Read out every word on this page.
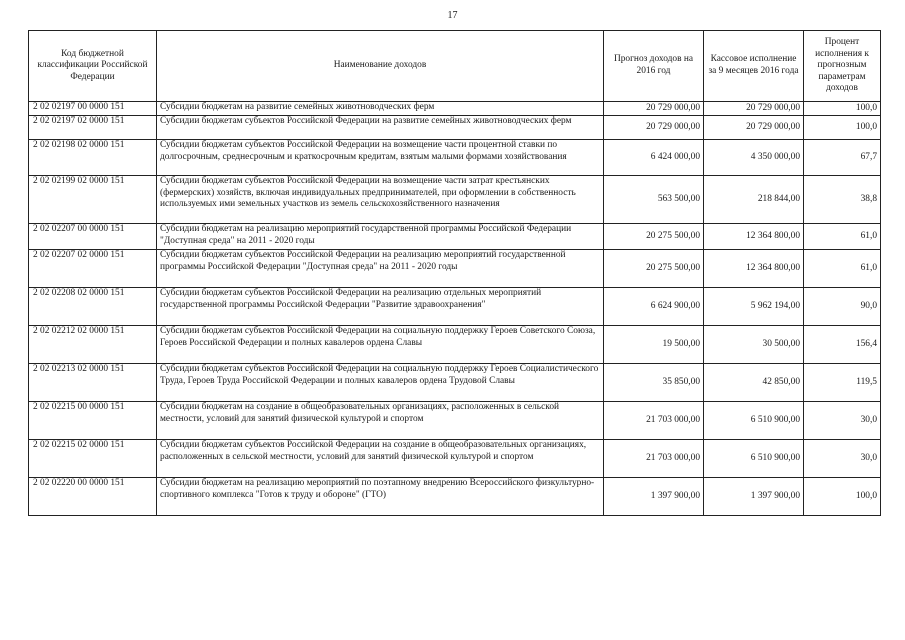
17
Код бюджетной классификации Российской Федерации	Наименование доходов	Прогноз доходов на 2016 год	Кассовое исполнение за 9 месяцев 2016 года	Процент исполнения к прогнозным параметрам доходов
2 02 02197 00 0000 151	Субсидии бюджетам на развитие семейных животноводческих ферм	20 729 000,00	20 729 000,00	100,0
2 02 02197 02 0000 151	Субсидии бюджетам субъектов Российской Федерации на развитие семейных животноводческих ферм	20 729 000,00	20 729 000,00	100,0
2 02 02198 02 0000 151	Субсидии бюджетам субъектов Российской Федерации на возмещение части процентной ставки по долгосрочным, среднесрочным и краткосрочным кредитам, взятым малыми формами хозяйствования	6 424 000,00	4 350 000,00	67,7
2 02 02199 02 0000 151	Субсидии бюджетам субъектов Российской Федерации на возмещение части затрат крестьянских (фермерских) хозяйств, включая индивидуальных предпринимателей, при оформлении в собственность используемых ими земельных участков из земель сельскохозяйственного назначения	563 500,00	218 844,00	38,8
2 02 02207 00 0000 151	Субсидии бюджетам на реализацию мероприятий государственной программы Российской Федерации "Доступная среда" на 2011 - 2020 годы	20 275 500,00	12 364 800,00	61,0
2 02 02207 02 0000 151	Субсидии бюджетам субъектов Российской Федерации на реализацию мероприятий государственной программы Российской Федерации "Доступная среда" на 2011 - 2020 годы	20 275 500,00	12 364 800,00	61,0
2 02 02208 02 0000 151	Субсидии бюджетам субъектов Российской Федерации на реализацию отдельных мероприятий государственной программы Российской Федерации "Развитие здравоохранения"	6 624 900,00	5 962 194,00	90,0
2 02 02212 02 0000 151	Субсидии бюджетам субъектов Российской Федерации на социальную поддержку Героев Советского Союза, Героев Российской Федерации и полных кавалеров ордена Славы	19 500,00	30 500,00	156,4
2 02 02213 02 0000 151	Субсидии бюджетам субъектов Российской Федерации на социальную поддержку Героев Социалистического Труда, Героев Труда Российской Федерации и полных кавалеров ордена Трудовой Славы	35 850,00	42 850,00	119,5
2 02 02215 00 0000 151	Субсидии бюджетам на создание в общеобразовательных организациях, расположенных в сельской местности, условий для занятий физической культурой и спортом	21 703 000,00	6 510 900,00	30,0
2 02 02215 02 0000 151	Субсидии бюджетам субъектов Российской Федерации на создание в общеобразовательных организациях, расположенных в сельской местности, условий для занятий физической культурой и спортом	21 703 000,00	6 510 900,00	30,0
2 02 02220 00 0000 151	Субсидии бюджетам на реализацию мероприятий по поэтапному внедрению Всероссийского физкультурно-спортивного комплекса "Готов к труду и обороне" (ГТО)	1 397 900,00	1 397 900,00	100,0
